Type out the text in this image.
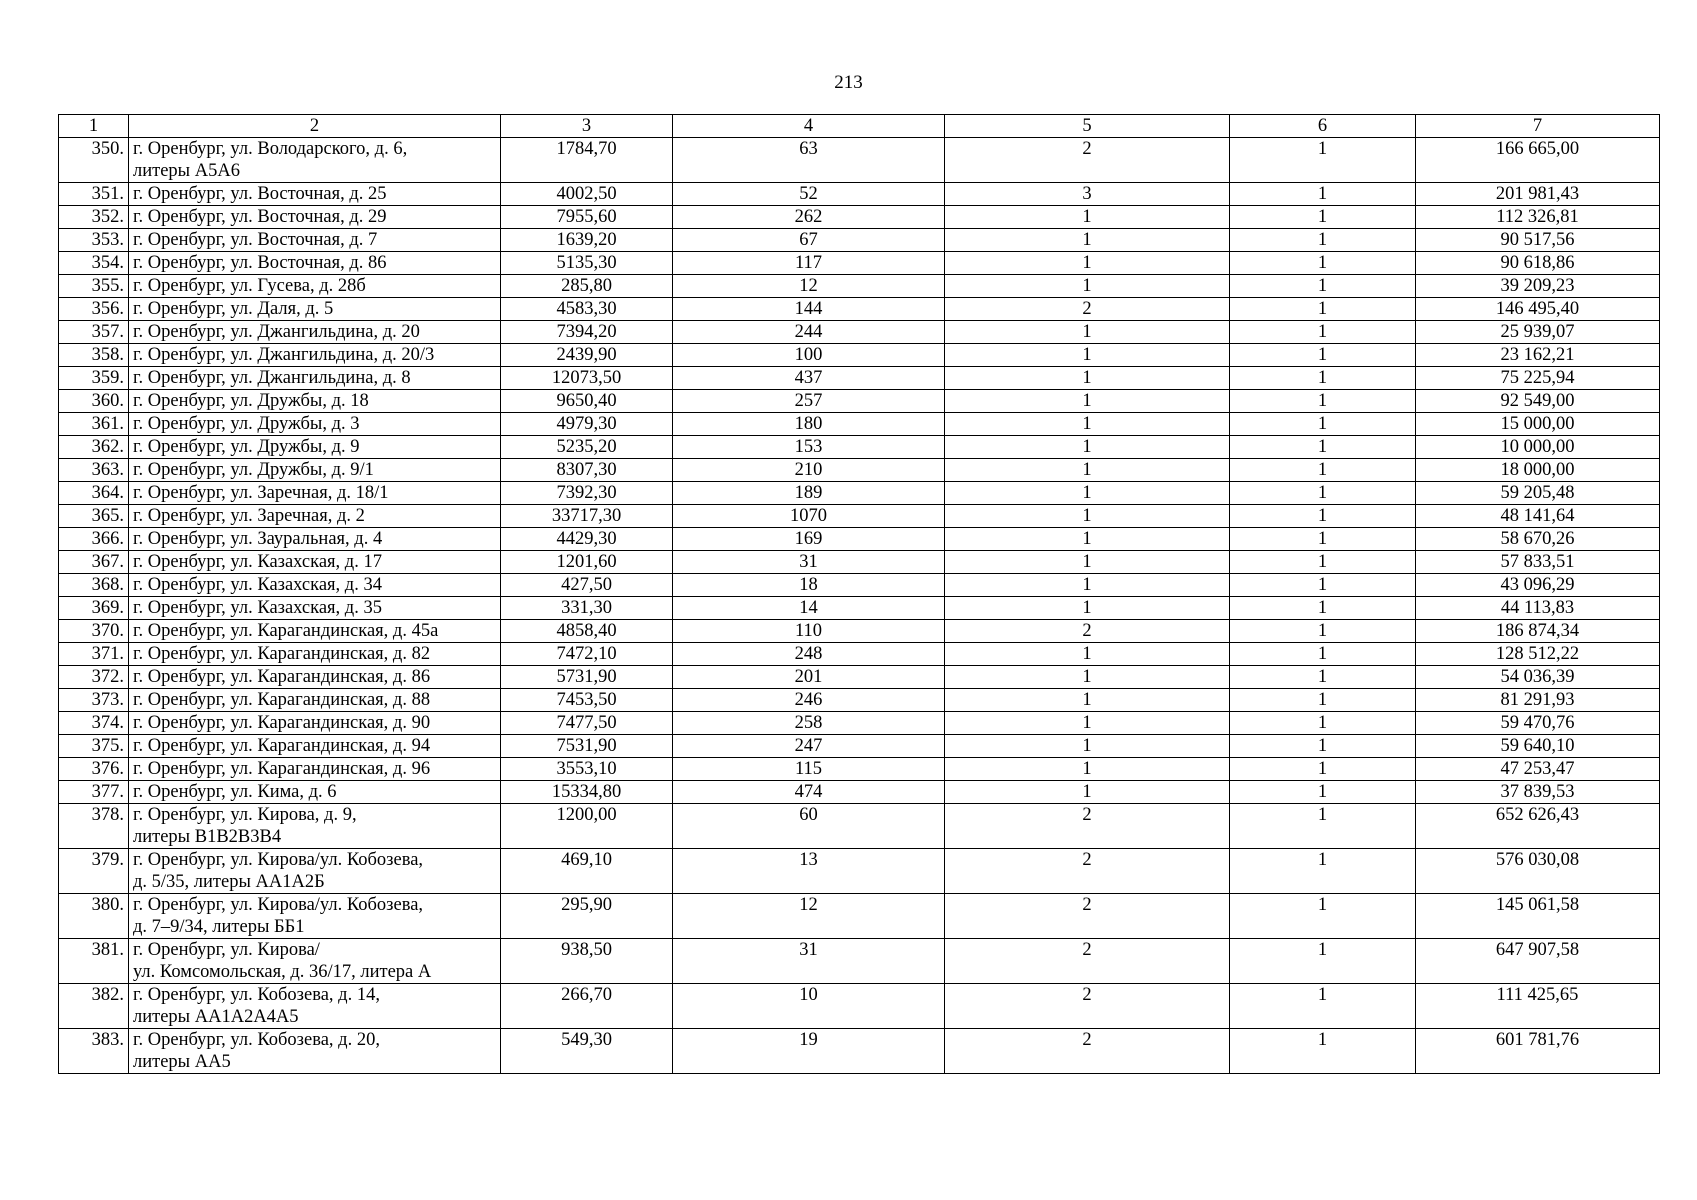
213
1	2	3	4	5	6	7
350.	г. Оренбург, ул. Володарского, д. 6,
литеры А5А6	1784,70	63	2	1	166 665,00
351.	г. Оренбург, ул. Восточная, д. 25	4002,50	52	3	1	201 981,43
352.	г. Оренбург, ул. Восточная, д. 29	7955,60	262	1	1	112 326,81
353.	г. Оренбург, ул. Восточная, д. 7	1639,20	67	1	1	90 517,56
354.	г. Оренбург, ул. Восточная, д. 86	5135,30	117	1	1	90 618,86
355.	г. Оренбург, ул. Гусева, д. 28б	285,80	12	1	1	39 209,23
356.	г. Оренбург, ул. Даля, д. 5	4583,30	144	2	1	146 495,40
357.	г. Оренбург, ул. Джангильдина, д. 20	7394,20	244	1	1	25 939,07
358.	г. Оренбург, ул. Джангильдина, д. 20/3	2439,90	100	1	1	23 162,21
359.	г. Оренбург, ул. Джангильдина, д. 8	12073,50	437	1	1	75 225,94
360.	г. Оренбург, ул. Дружбы, д. 18	9650,40	257	1	1	92 549,00
361.	г. Оренбург, ул. Дружбы, д. 3	4979,30	180	1	1	15 000,00
362.	г. Оренбург, ул. Дружбы, д. 9	5235,20	153	1	1	10 000,00
363.	г. Оренбург, ул. Дружбы, д. 9/1	8307,30	210	1	1	18 000,00
364.	г. Оренбург, ул. Заречная, д. 18/1	7392,30	189	1	1	59 205,48
365.	г. Оренбург, ул. Заречная, д. 2	33717,30	1070	1	1	48 141,64
366.	г. Оренбург, ул. Зауральная, д. 4	4429,30	169	1	1	58 670,26
367.	г. Оренбург, ул. Казахская, д. 17	1201,60	31	1	1	57 833,51
368.	г. Оренбург, ул. Казахская, д. 34	427,50	18	1	1	43 096,29
369.	г. Оренбург, ул. Казахская, д. 35	331,30	14	1	1	44 113,83
370.	г. Оренбург, ул. Карагандинская, д. 45а	4858,40	110	2	1	186 874,34
371.	г. Оренбург, ул. Карагандинская, д. 82	7472,10	248	1	1	128 512,22
372.	г. Оренбург, ул. Карагандинская, д. 86	5731,90	201	1	1	54 036,39
373.	г. Оренбург, ул. Карагандинская, д. 88	7453,50	246	1	1	81 291,93
374.	г. Оренбург, ул. Карагандинская, д. 90	7477,50	258	1	1	59 470,76
375.	г. Оренбург, ул. Карагандинская, д. 94	7531,90	247	1	1	59 640,10
376.	г. Оренбург, ул. Карагандинская, д. 96	3553,10	115	1	1	47 253,47
377.	г. Оренбург, ул. Кима, д. 6	15334,80	474	1	1	37 839,53
378.	г. Оренбург, ул. Кирова, д. 9,
литеры В1В2В3В4	1200,00	60	2	1	652 626,43
379.	г. Оренбург, ул. Кирова/ул. Кобозева,
д. 5/35, литеры АА1А2Б	469,10	13	2	1	576 030,08
380.	г. Оренбург, ул. Кирова/ул. Кобозева,
д. 7–9/34, литеры ББ1	295,90	12	2	1	145 061,58
381.	г. Оренбург, ул. Кирова/
ул. Комсомольская, д. 36/17, литера А	938,50	31	2	1	647 907,58
382.	г. Оренбург, ул. Кобозева, д. 14,
литеры АА1А2А4А5	266,70	10	2	1	111 425,65
383.	г. Оренбург, ул. Кобозева, д. 20,
литеры АА5	549,30	19	2	1	601 781,76
